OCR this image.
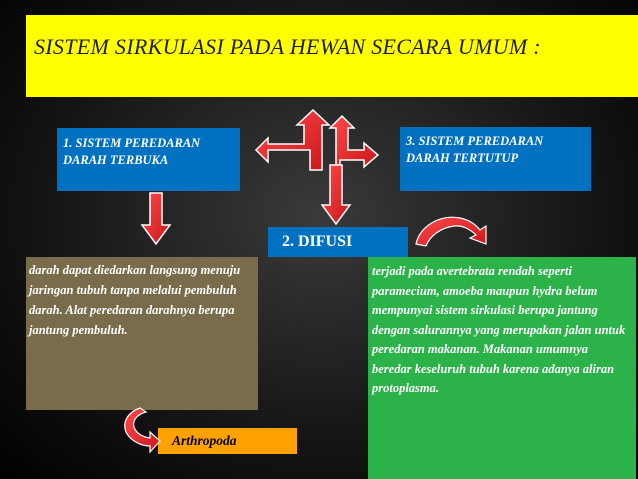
SISTEM SIRKULASI PADA HEWAN SECARA UMUM :
1. SISTEM PEREDARAN DARAH TERBUKA
3. SISTEM PEREDARAN DARAH TERTUTUP
2. DIFUSI
darah dapat diedarkan langsung menuju jaringan tubuh tanpa melalui pembuluh darah. Alat peredaran darahnya berupa jantung pembuluh.
terjadi pada avertebrata rendah seperti paramecium, amoeba maupun hydra belum mempunyai sistem sirkulasi berupa jantung dengan salurannya yang merupakan jalan untuk peredaran makanan. Makanan umumnya beredar keseluruh tubuh karena adanya aliran protoplasma.
Arthropoda
